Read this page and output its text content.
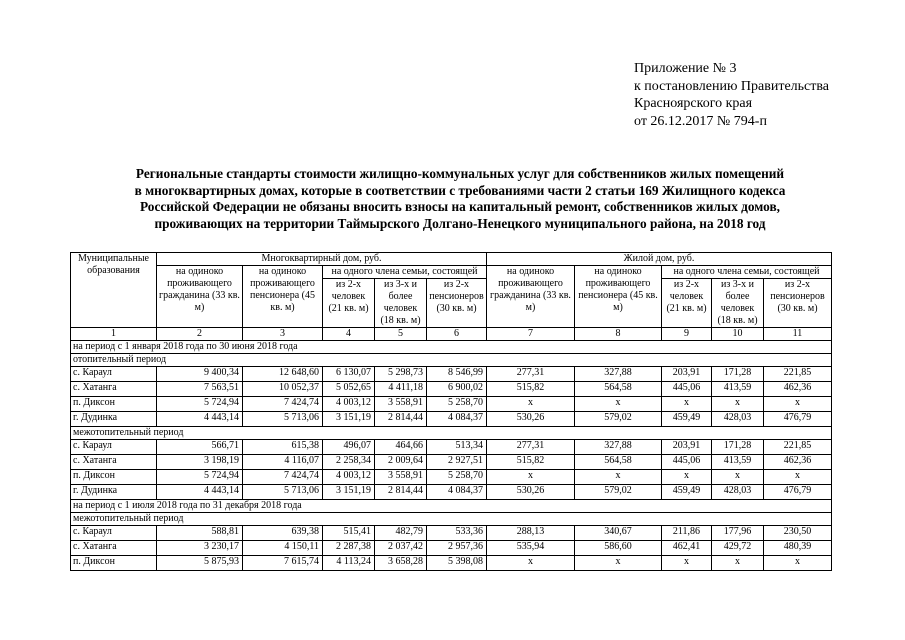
Приложение № 3
к постановлению Правительства
Красноярского края
от 26.12.2017 № 794-п
Региональные стандарты стоимости жилищно-коммунальных услуг для собственников жилых помещений
в многоквартирных домах, которые в соответствии с требованиями части 2 статьи 169 Жилищного кодекса
Российской Федерации не обязаны вносить взносы на капитальный ремонт, собственников жилых домов,
проживающих на территории Таймырского Долгано-Ненецкого муниципального района, на 2018 год
Муниципальные образования	Многоквартирный дом, руб.					Жилой дом, руб.				
	на одиноко проживающего гражданина (33 кв. м)	на одиноко проживающего пенсионера (45 кв. м)	на одного члена семьи, состоящей			на одиноко проживающего гражданина (33 кв. м)	на одиноко проживающего пенсионера (45 кв. м)	на одного члена семьи, состоящей		
			из 2-х человек (21 кв. м)	из 3-х и более человек (18 кв. м)	из 2-х пенсионеров (30 кв. м)			из 2-х человек (21 кв. м)	из 3-х и более человек (18 кв. м)	из 2-х пенсионеров (30 кв. м)
1	2	3	4	5	6	7	8	9	10	11
на период с 1 января 2018 года по 30 июня 2018 года										
отопительный период										
с. Караул	9 400,34	12 648,60	6 130,07	5 298,73	8 546,99	277,31	327,88	203,91	171,28	221,85
с. Хатанга	7 563,51	10 052,37	5 052,65	4 411,18	6 900,02	515,82	564,58	445,06	413,59	462,36
п. Диксон	5 724,94	7 424,74	4 003,12	3 558,91	5 258,70	х	х	х	х	х
г. Дудинка	4 443,14	5 713,06	3 151,19	2 814,44	4 084,37	530,26	579,02	459,49	428,03	476,79
межотопительный период										
с. Караул	566,71	615,38	496,07	464,66	513,34	277,31	327,88	203,91	171,28	221,85
с. Хатанга	3 198,19	4 116,07	2 258,34	2 009,64	2 927,51	515,82	564,58	445,06	413,59	462,36
п. Диксон	5 724,94	7 424,74	4 003,12	3 558,91	5 258,70	х	х	х	х	х
г. Дудинка	4 443,14	5 713,06	3 151,19	2 814,44	4 084,37	530,26	579,02	459,49	428,03	476,79
на период с 1 июля 2018 года по 31 декабря 2018 года										
межотопительный период										
с. Караул	588,81	639,38	515,41	482,79	533,36	288,13	340,67	211,86	177,96	230,50
с. Хатанга	3 230,17	4 150,11	2 287,38	2 037,42	2 957,36	535,94	586,60	462,41	429,72	480,39
п. Диксон	5 875,93	7 615,74	4 113,24	3 658,28	5 398,08	х	х	х	х	х
